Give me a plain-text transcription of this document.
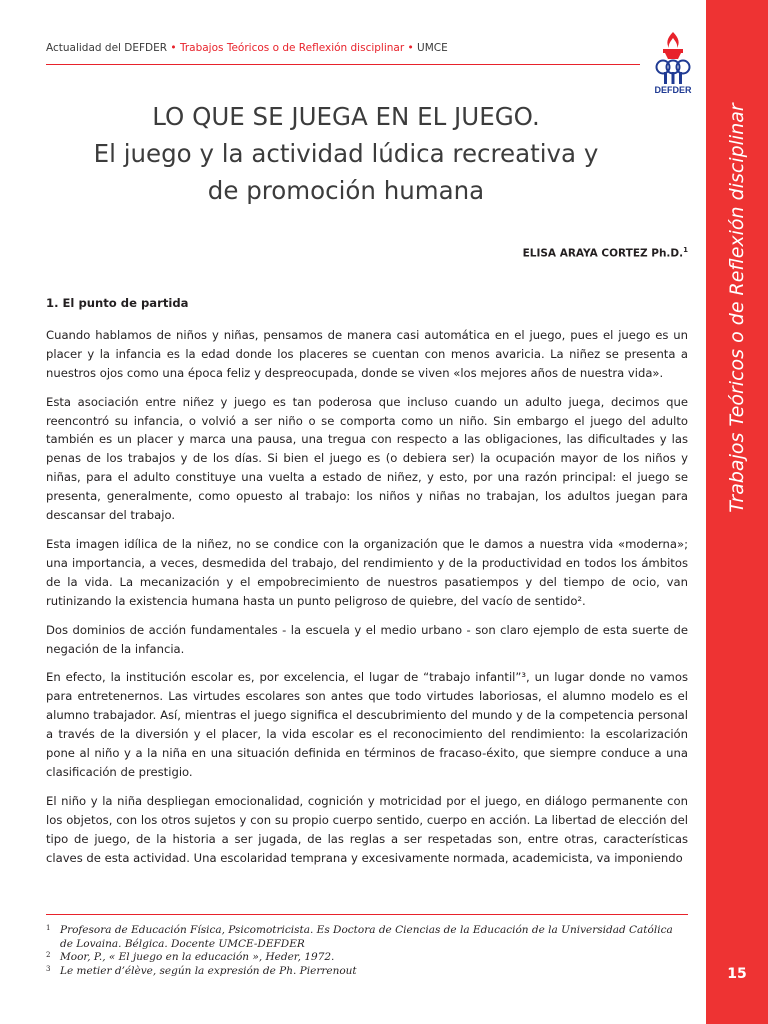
Actualidad del DEFDER • Trabajos Teóricos o de Reflexión disciplinar • UMCE
DEFDER
Trabajos Teóricos o de Reflexión disciplinar
15
LO QUE SE JUEGA EN EL JUEGO.
El juego y la actividad lúdica recreativa y
de promoción humana
ELISA ARAYA CORTEZ Ph.D.$^1$
1. El punto de partida

Cuando hablamos de niños y niñas, pensamos de manera casi automática en el juego, pues el juego es un placer y la infancia es la edad donde los placeres se cuentan con menos avaricia. La niñez se presenta a nuestros ojos como una época feliz y despreocupada, donde se viven «los mejores años de nuestra vida».

Esta asociación entre niñez y juego es tan poderosa que incluso cuando un adulto juega, decimos que reencontró su infancia, o volvió a ser niño o se comporta como un niño. Sin embargo el juego del adulto también es un placer y marca una pausa, una tregua con respecto a las obligaciones, las dificultades y las penas de los trabajos y de los días. Si bien el juego es (o debiera ser) la ocupación mayor de los niños y niñas, para el adulto constituye una vuelta a estado de niñez, y esto, por una razón principal: el juego se presenta, generalmente, como opuesto al trabajo: los niños y niñas no trabajan, los adultos juegan para descansar del trabajo.

Esta imagen idílica de la niñez, no se condice con la organización que le damos a nuestra vida «moderna»; una importancia, a veces, desmedida del trabajo, del rendimiento y de la productividad en todos los ámbitos de la vida. La mecanización y el empobrecimiento de nuestros pasatiempos y del tiempo de ocio, van rutinizando la existencia humana hasta un punto peligroso de quiebre, del vacío de sentido².

Dos dominios de acción fundamentales - la escuela y el medio urbano - son claro ejemplo de esta suerte de negación de la infancia.

En efecto, la institución escolar es, por excelencia, el lugar de “trabajo infantil”³, un lugar donde no vamos para entretenernos. Las virtudes escolares son antes que todo virtudes laboriosas, el alumno modelo es el alumno trabajador. Así, mientras el juego significa el descubrimiento del mundo y de la competencia personal a través de la diversión y el placer, la vida escolar es el reconocimiento del rendimiento: la escolarización pone al niño y a la niña en una situación definida en términos de fracaso-éxito, que siempre conduce a una clasificación de prestigio.

El niño y la niña despliegan emocionalidad, cognición y motricidad por el juego, en diálogo permanente con los objetos, con los otros sujetos y con su propio cuerpo sentido, cuerpo en acción. La libertad de elección del tipo de juego, de la historia a ser jugada, de las reglas a ser respetadas son, entre otras, características claves de esta actividad. Una escolaridad temprana y excesivamente normada, academicista, va imponiendo

1 Profesora de Educación Física, Psicomotricista. Es Doctora de Ciencias de la Educación de la Universidad Católica de Lovaina. Bélgica. Docente UMCE-DEFDER
2 Moor, P., « El juego en la educación », Heder, 1972.
3 Le metier d’élève, según la expresión de Ph. Pierrenout
